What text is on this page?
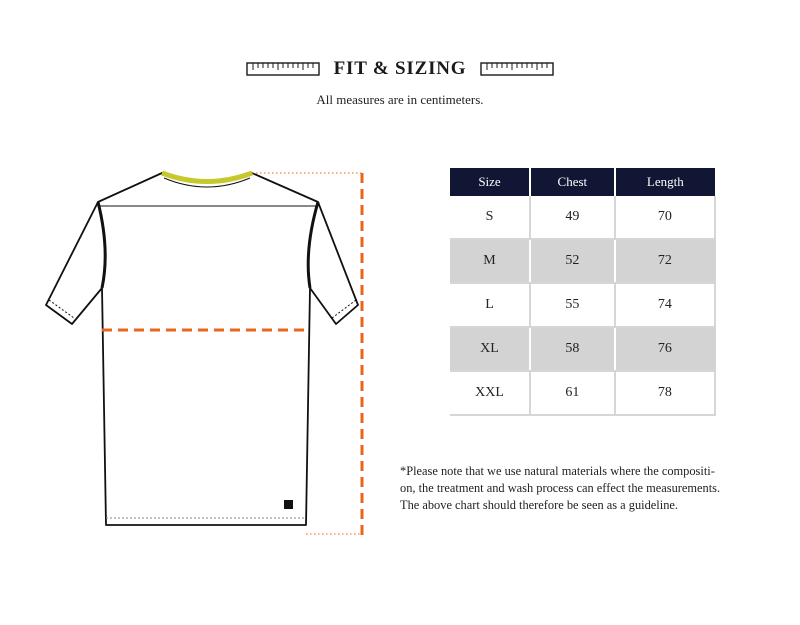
FIT & SIZING
All measures are in centimeters.
Size	Chest	Length
S	49	70
M	52	72
L	55	74
XL	58	76
XXL	61	78

*Please note that we use natural materials where the compositi-

on, the treatment and wash process can effect the measurements.

The above chart should therefore be seen as a guideline.
